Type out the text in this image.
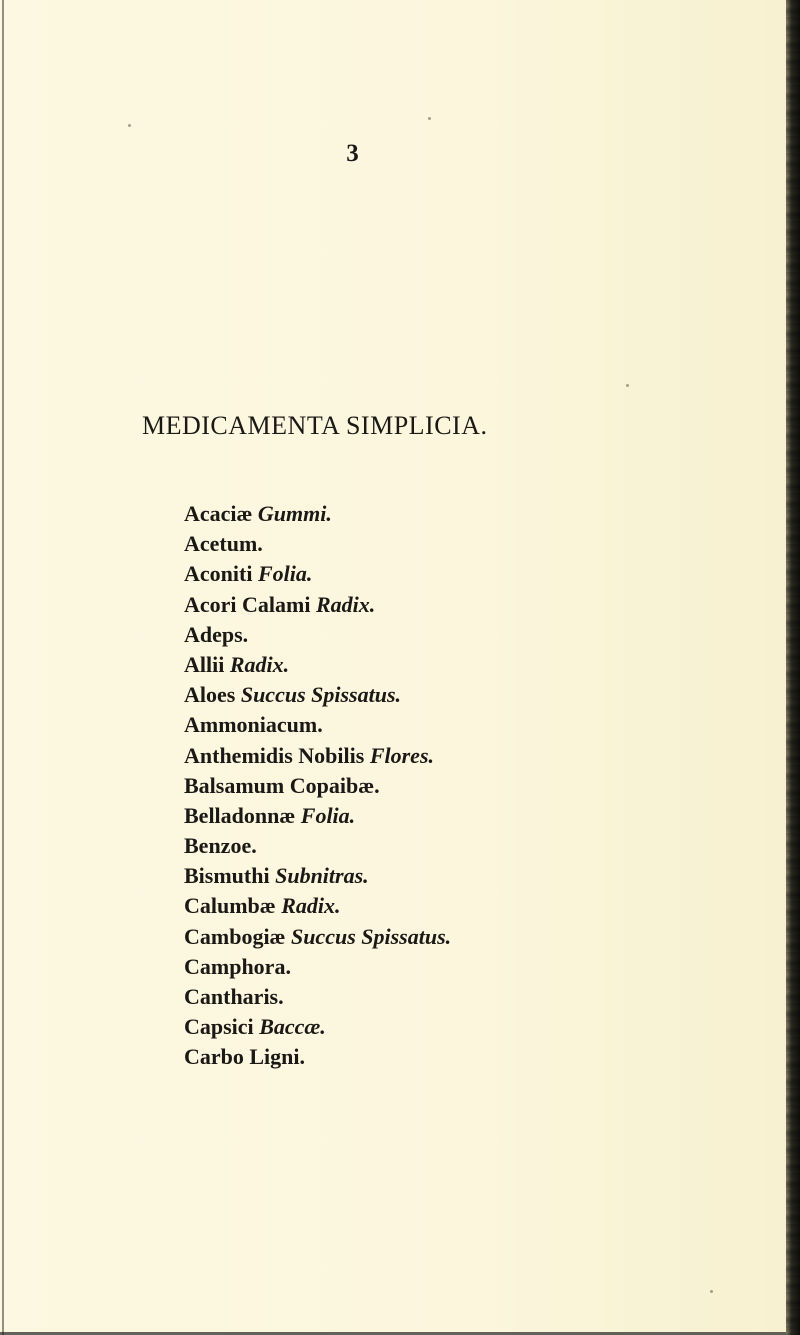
3
MEDICAMENTA SIMPLICIA.
Acaciæ Gummi.
Acetum.
Aconiti Folia.
Acori Calami Radix.
Adeps.
Allii Radix.
Aloes Succus Spissatus.
Ammoniacum.
Anthemidis Nobilis Flores.
Balsamum Copaibæ.
Belladonnæ Folia.
Benzoe.
Bismuthi Subnitras.
Calumbæ Radix.
Cambogiæ Succus Spissatus.
Camphora.
Cantharis.
Capsici Baccæ.
Carbo Ligni.
